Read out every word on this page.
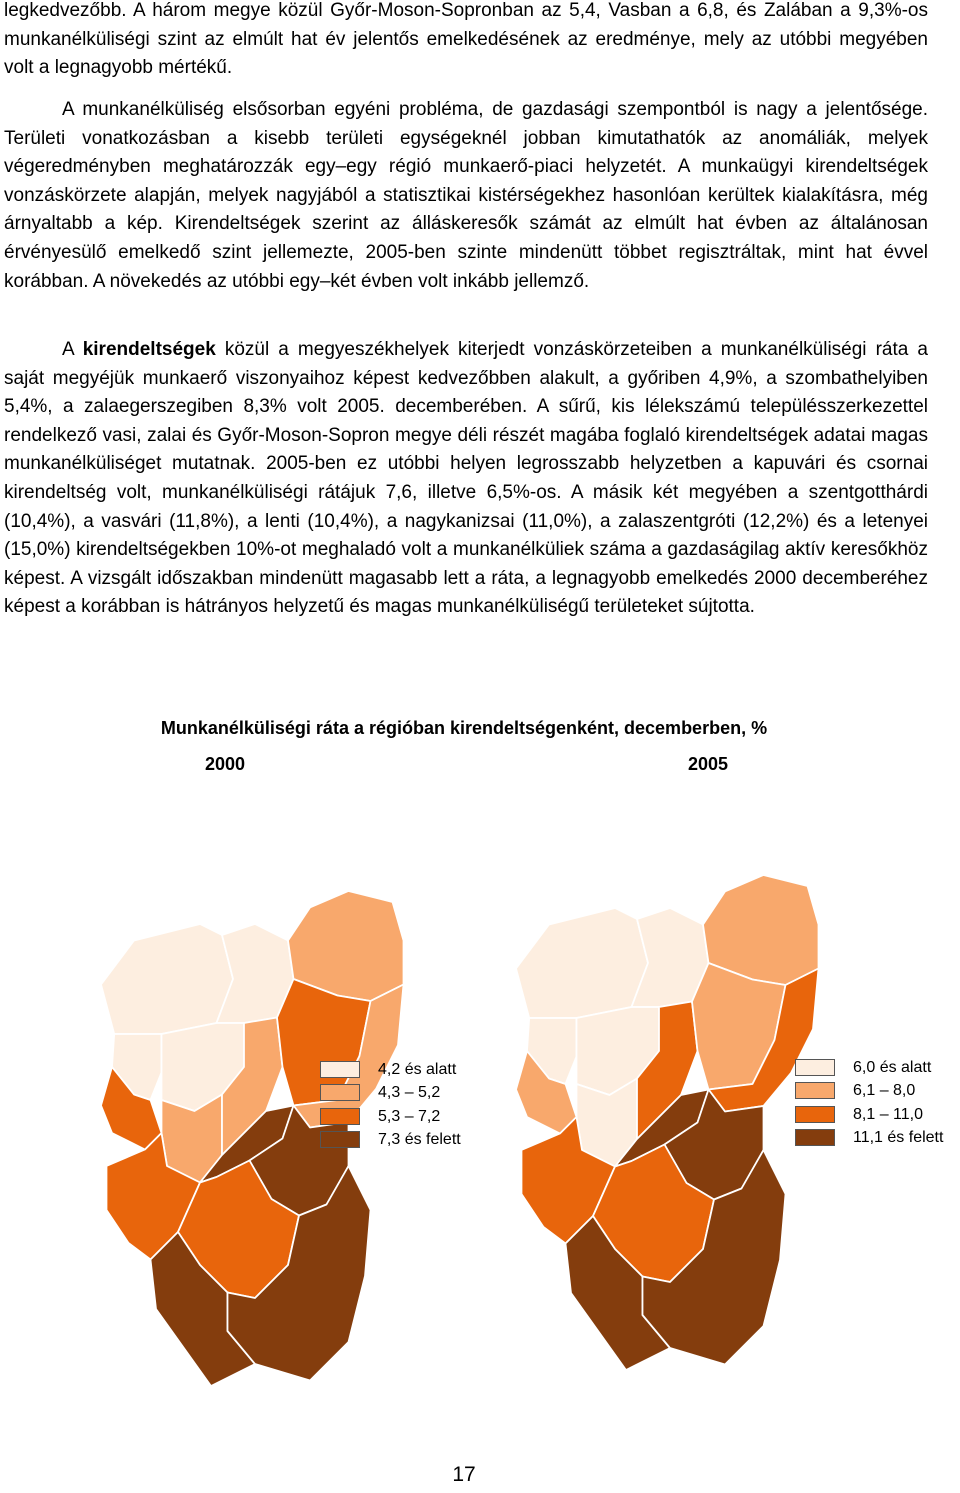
legkedvezőbb. A három megye közül Győr-Moson-Sopronban az 5,4, Vasban a 6,8, és Zalában a 9,3%-os munkanélküliségi szint az elmúlt hat év jelentős emelkedésének az eredménye, mely az utóbbi megyében volt a legnagyobb mértékű.

A munkanélküliség elsősorban egyéni probléma, de gazdasági szempontból is nagy a jelentősége. Területi vonatkozásban a kisebb területi egységeknél jobban kimutathatók az anomáliák, melyek végeredményben meghatározzák egy–egy régió munkaerő-piaci helyzetét. A munkaügyi kirendeltségek vonzáskörzete alapján, melyek nagyjából a statisztikai kistérségekhez hasonlóan kerültek kialakításra, még árnyaltabb a kép. Kirendeltségek szerint az álláskeresők számát az elmúlt hat évben az általánosan érvényesülő emelkedő szint jellemezte, 2005-ben szinte mindenütt többet regisztráltak, mint hat évvel korábban. A növekedés az utóbbi egy–két évben volt inkább jellemző.

A kirendeltségek közül a megyeszékhelyek kiterjedt vonzáskörzeteiben a munkanélküliségi ráta a saját megyéjük munkaerő viszonyaihoz képest kedvezőbben alakult, a győriben 4,9%, a szombathelyiben 5,4%, a zalaegerszegiben 8,3% volt 2005. decemberében. A sűrű, kis lélekszámú településszerkezettel rendelkező vasi, zalai és Győr-Moson-Sopron megye déli részét magába foglaló kirendeltségek adatai magas munkanélküliséget mutatnak. 2005-ben ez utóbbi helyen legrosszabb helyzetben a kapuvári és csornai kirendeltség volt, munkanélküliségi rátájuk 7,6, illetve 6,5%-os. A másik két megyében a szentgotthárdi (10,4%), a vasvári (11,8%), a lenti (10,4%), a nagykanizsai (11,0%), a zalaszentgróti (12,2%) és a letenyei (15,0%) kirendeltségekben 10%-ot meghaladó volt a munkanélküliek száma a gazdaságilag aktív keresőkhöz képest. A vizsgált időszakban mindenütt magasabb lett a ráta, a legnagyobb emelkedés 2000 decemberéhez képest a korábban is hátrányos helyzetű és magas munkanélküliségű területeket sújtotta.

Munkanélküliségi ráta a régióban kirendeltségenként, decemberben, %
2000	2005
4,2 és alatt
4,3 – 5,2
5,3 – 7,2
7,3 és felett
6,0 és alatt
6,1 – 8,0
8,1 – 11,0
11,1 és felett
17
